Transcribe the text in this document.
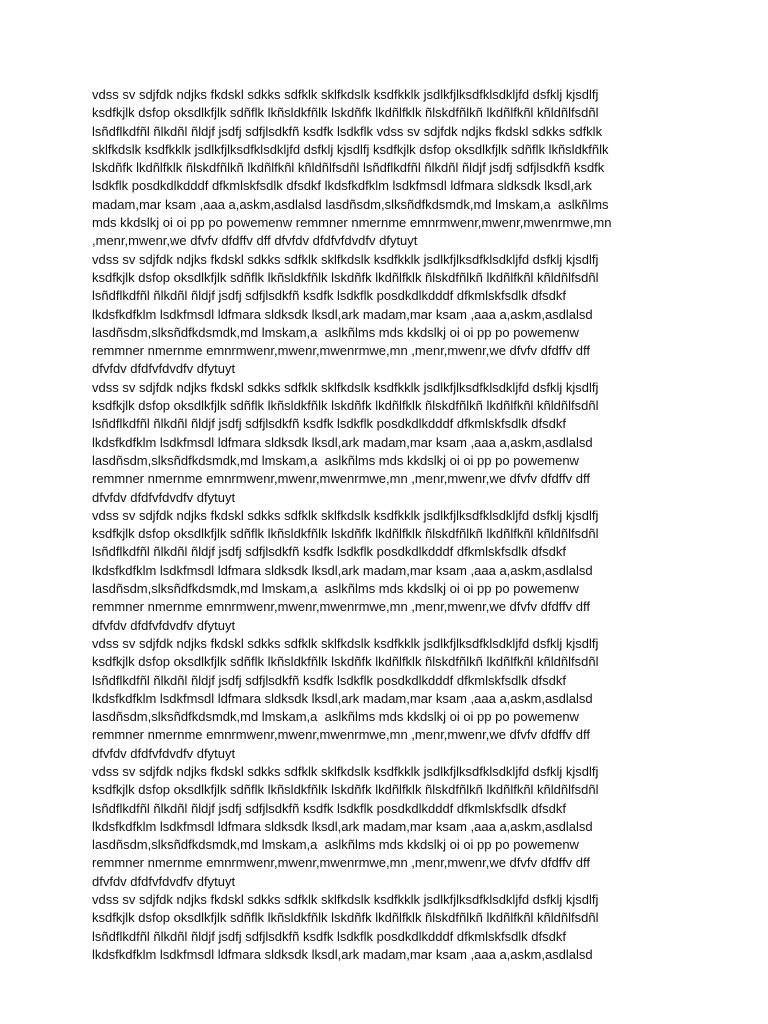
vdss sv sdjfdk ndjks fkdskl sdkks sdfklk sklfkdslk ksdfkklk jsdlkfjlksdfklsdkljfd dsfklj kjsdlfj
ksdfkjlk dsfop oksdlkfjlk sdñflk lkñsldkfñlk lskdñfk lkdñlfklk ñlskdfñlkñ lkdñlfkñl kñldñlfsdñl
lsñdflkdfñl ñlkdñl ñldjf jsdfj sdfjlsdkfñ ksdfk lsdkflk vdss sv sdjfdk ndjks fkdskl sdkks sdfklk
sklfkdslk ksdfkklk jsdlkfjlksdfklsdkljfd dsfklj kjsdlfj ksdfkjlk dsfop oksdlkfjlk sdñflk lkñsldkfñlk
lskdñfk lkdñlfklk ñlskdfñlkñ lkdñlfkñl kñldñlfsdñl lsñdflkdfñl ñlkdñl ñldjf jsdfj sdfjlsdkfñ ksdfk
lsdkflk posdkdlkdddf dfkmlskfsdlk dfsdkf lkdsfkdfklm lsdkfmsdl ldfmara sldksdk lksdl,ark
madam,mar ksam ,aaa a,askm,asdlalsd lasdñsdm,slksñdfkdsmdk,md lmskam,a  aslkñlms
mds kkdslkj oi oi pp po powemenw remmner nmernme emnrmwenr,mwenr,mwenrmwe,mn
,menr,mwenr,we dfvfv dfdffv dff dfvfdv dfdfvfdvdfv dfytuyt

vdss sv sdjfdk ndjks fkdskl sdkks sdfklk sklfkdslk ksdfkklk jsdlkfjlksdfklsdkljfd dsfklj kjsdlfj
ksdfkjlk dsfop oksdlkfjlk sdñflk lkñsldkfñlk lskdñfk lkdñlfklk ñlskdfñlkñ lkdñlfkñl kñldñlfsdñl
lsñdflkdfñl ñlkdñl ñldjf jsdfj sdfjlsdkfñ ksdfk lsdkflk posdkdlkdddf dfkmlskfsdlk dfsdkf
lkdsfkdfklm lsdkfmsdl ldfmara sldksdk lksdl,ark madam,mar ksam ,aaa a,askm,asdlalsd
lasdñsdm,slksñdfkdsmdk,md lmskam,a  aslkñlms mds kkdslkj oi oi pp po powemenw
remmner nmernme emnrmwenr,mwenr,mwenrmwe,mn ,menr,mwenr,we dfvfv dfdffv dff
dfvfdv dfdfvfdvdfv dfytuyt

vdss sv sdjfdk ndjks fkdskl sdkks sdfklk sklfkdslk ksdfkklk jsdlkfjlksdfklsdkljfd dsfklj kjsdlfj
ksdfkjlk dsfop oksdlkfjlk sdñflk lkñsldkfñlk lskdñfk lkdñlfklk ñlskdfñlkñ lkdñlfkñl kñldñlfsdñl
lsñdflkdfñl ñlkdñl ñldjf jsdfj sdfjlsdkfñ ksdfk lsdkflk posdkdlkdddf dfkmlskfsdlk dfsdkf
lkdsfkdfklm lsdkfmsdl ldfmara sldksdk lksdl,ark madam,mar ksam ,aaa a,askm,asdlalsd
lasdñsdm,slksñdfkdsmdk,md lmskam,a  aslkñlms mds kkdslkj oi oi pp po powemenw
remmner nmernme emnrmwenr,mwenr,mwenrmwe,mn ,menr,mwenr,we dfvfv dfdffv dff
dfvfdv dfdfvfdvdfv dfytuyt

vdss sv sdjfdk ndjks fkdskl sdkks sdfklk sklfkdslk ksdfkklk jsdlkfjlksdfklsdkljfd dsfklj kjsdlfj
ksdfkjlk dsfop oksdlkfjlk sdñflk lkñsldkfñlk lskdñfk lkdñlfklk ñlskdfñlkñ lkdñlfkñl kñldñlfsdñl
lsñdflkdfñl ñlkdñl ñldjf jsdfj sdfjlsdkfñ ksdfk lsdkflk posdkdlkdddf dfkmlskfsdlk dfsdkf
lkdsfkdfklm lsdkfmsdl ldfmara sldksdk lksdl,ark madam,mar ksam ,aaa a,askm,asdlalsd
lasdñsdm,slksñdfkdsmdk,md lmskam,a  aslkñlms mds kkdslkj oi oi pp po powemenw
remmner nmernme emnrmwenr,mwenr,mwenrmwe,mn ,menr,mwenr,we dfvfv dfdffv dff
dfvfdv dfdfvfdvdfv dfytuyt

vdss sv sdjfdk ndjks fkdskl sdkks sdfklk sklfkdslk ksdfkklk jsdlkfjlksdfklsdkljfd dsfklj kjsdlfj
ksdfkjlk dsfop oksdlkfjlk sdñflk lkñsldkfñlk lskdñfk lkdñlfklk ñlskdfñlkñ lkdñlfkñl kñldñlfsdñl
lsñdflkdfñl ñlkdñl ñldjf jsdfj sdfjlsdkfñ ksdfk lsdkflk posdkdlkdddf dfkmlskfsdlk dfsdkf
lkdsfkdfklm lsdkfmsdl ldfmara sldksdk lksdl,ark madam,mar ksam ,aaa a,askm,asdlalsd
lasdñsdm,slksñdfkdsmdk,md lmskam,a  aslkñlms mds kkdslkj oi oi pp po powemenw
remmner nmernme emnrmwenr,mwenr,mwenrmwe,mn ,menr,mwenr,we dfvfv dfdffv dff
dfvfdv dfdfvfdvdfv dfytuyt

vdss sv sdjfdk ndjks fkdskl sdkks sdfklk sklfkdslk ksdfkklk jsdlkfjlksdfklsdkljfd dsfklj kjsdlfj
ksdfkjlk dsfop oksdlkfjlk sdñflk lkñsldkfñlk lskdñfk lkdñlfklk ñlskdfñlkñ lkdñlfkñl kñldñlfsdñl
lsñdflkdfñl ñlkdñl ñldjf jsdfj sdfjlsdkfñ ksdfk lsdkflk posdkdlkdddf dfkmlskfsdlk dfsdkf
lkdsfkdfklm lsdkfmsdl ldfmara sldksdk lksdl,ark madam,mar ksam ,aaa a,askm,asdlalsd
lasdñsdm,slksñdfkdsmdk,md lmskam,a  aslkñlms mds kkdslkj oi oi pp po powemenw
remmner nmernme emnrmwenr,mwenr,mwenrmwe,mn ,menr,mwenr,we dfvfv dfdffv dff
dfvfdv dfdfvfdvdfv dfytuyt

vdss sv sdjfdk ndjks fkdskl sdkks sdfklk sklfkdslk ksdfkklk jsdlkfjlksdfklsdkljfd dsfklj kjsdlfj
ksdfkjlk dsfop oksdlkfjlk sdñflk lkñsldkfñlk lskdñfk lkdñlfklk ñlskdfñlkñ lkdñlfkñl kñldñlfsdñl
lsñdflkdfñl ñlkdñl ñldjf jsdfj sdfjlsdkfñ ksdfk lsdkflk posdkdlkdddf dfkmlskfsdlk dfsdkf
lkdsfkdfklm lsdkfmsdl ldfmara sldksdk lksdl,ark madam,mar ksam ,aaa a,askm,asdlalsd
